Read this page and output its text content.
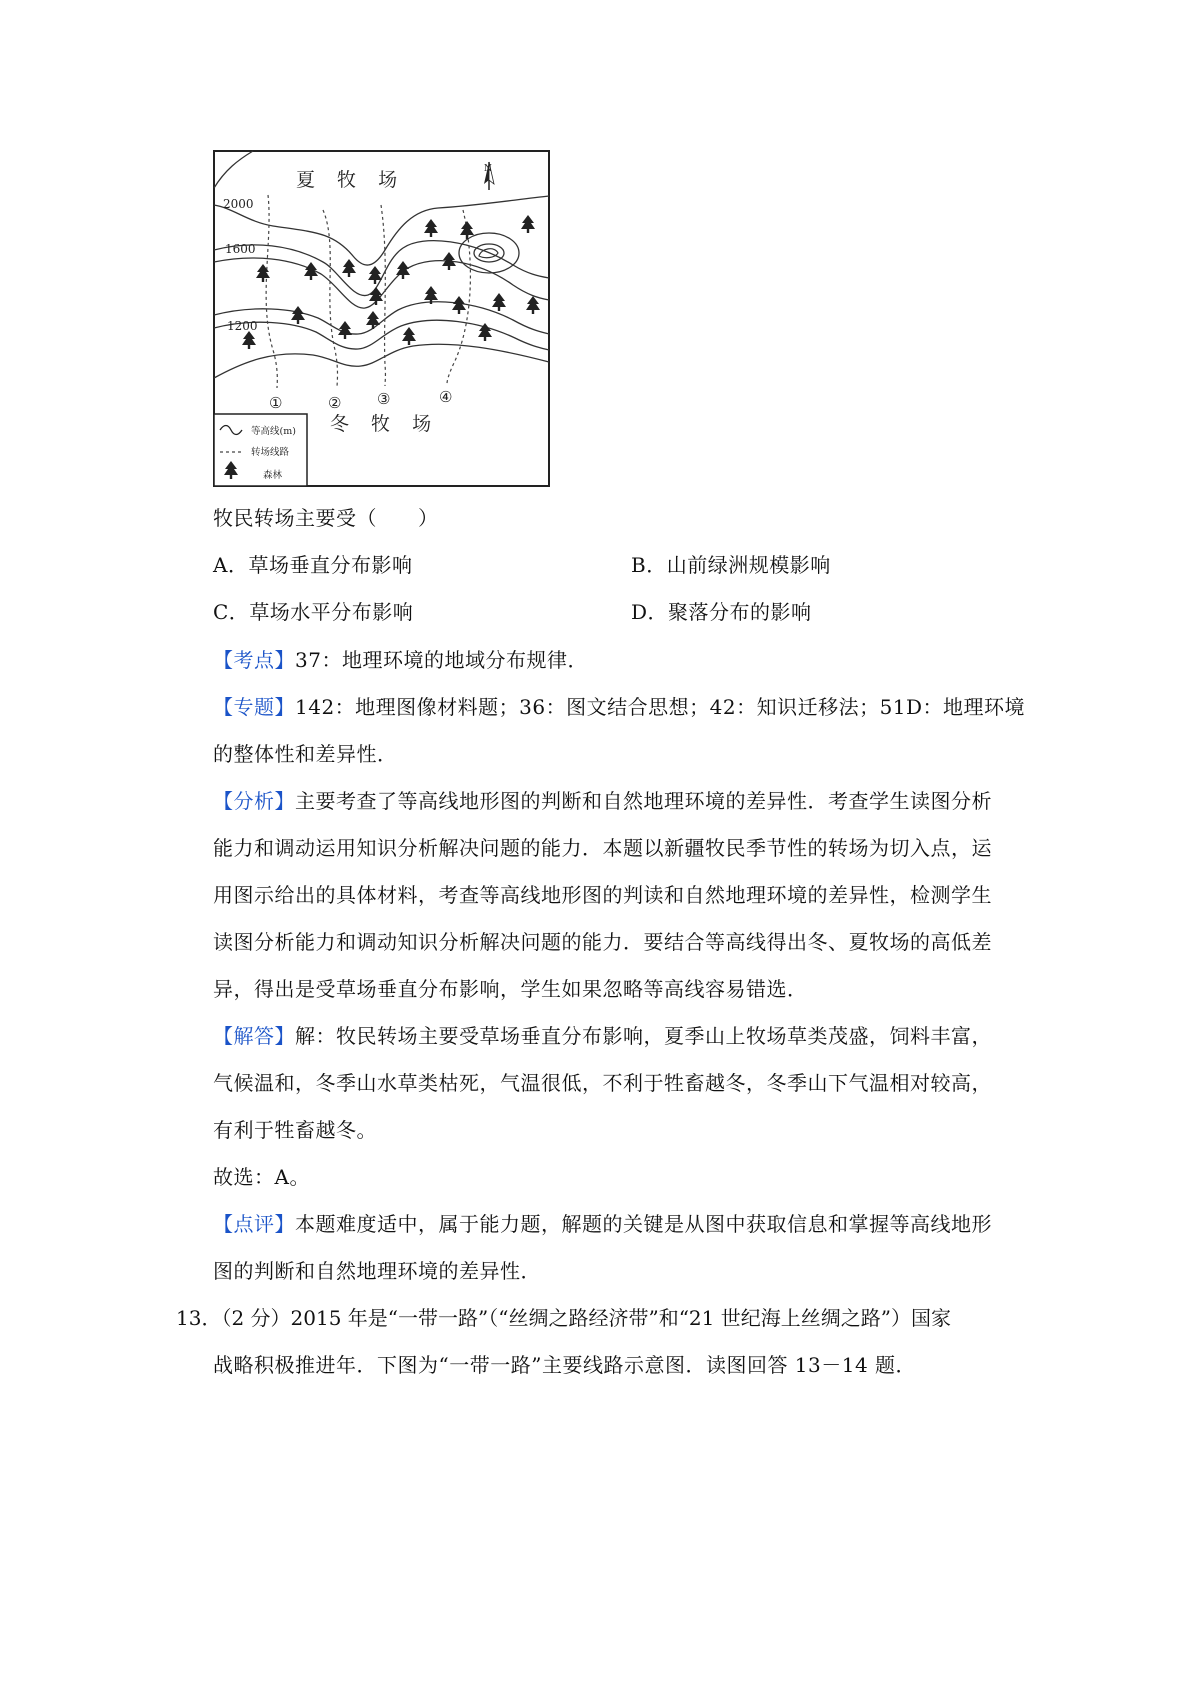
N
夏 牧 场
冬 牧 场
2000
1600
1200
①	② ③	④
等高线(m)
转场线路
森林
牧民转场主要受（　　）
A．草场垂直分布影响	B．山前绿洲规模影响
C．草场水平分布影响	D．聚落分布的影响
【考点】37：地理环境的地域分布规律．
【专题】142：地理图像材料题；36：图文结合思想；42：知识迁移法；51D：地理环境
的整体性和差异性．
【分析】主要考查了等高线地形图的判断和自然地理环境的差异性．考查学生读图分析
能力和调动运用知识分析解决问题的能力．本题以新疆牧民季节性的转场为切入点，运
用图示给出的具体材料，考查等高线地形图的判读和自然地理环境的差异性，检测学生
读图分析能力和调动知识分析解决问题的能力．要结合等高线得出冬、夏牧场的高低差
异，得出是受草场垂直分布影响，学生如果忽略等高线容易错选．
【解答】解：牧民转场主要受草场垂直分布影响，夏季山上牧场草类茂盛，饲料丰富，
气候温和，冬季山水草类枯死，气温很低，不利于牲畜越冬，冬季山下气温相对较高，
有利于牲畜越冬。
故选：A。
【点评】本题难度适中，属于能力题，解题的关键是从图中获取信息和掌握等高线地形
图的判断和自然地理环境的差异性．
13．（2 分）2015 年是“一带一路”（“丝绸之路经济带”和“21 世纪海上丝绸之路”）国家
战略积极推进年．下图为“一带一路”主要线路示意图．读图回答 13－14 题．
